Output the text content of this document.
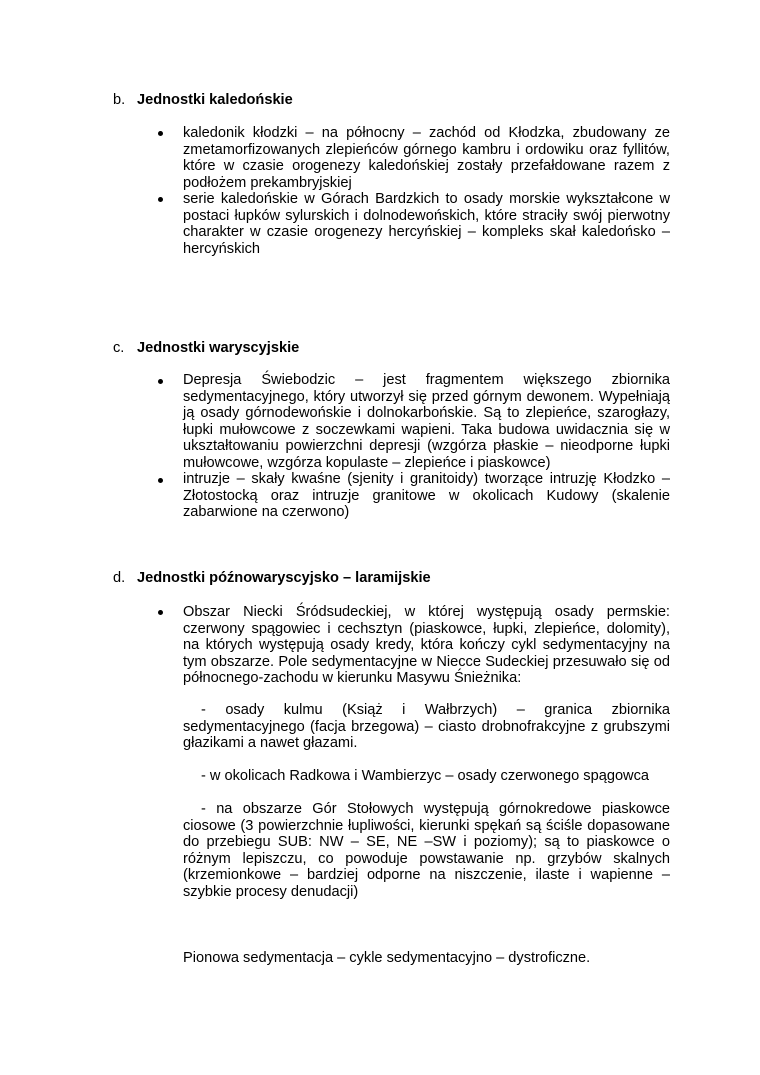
b. Jednostki kaledońskie
kaledonik kłodzki – na północny – zachód od Kłodzka, zbudowany ze zmetamorfizowanych zlepieńców górnego kambru i ordowiku oraz fyllitów, które w czasie orogenezy kaledońskiej zostały przefałdowane razem z podłożem prekambryjskiej
serie kaledońskie w Górach Bardzkich to osady morskie wykształcone w postaci łupków sylurskich i dolnodewońskich, które straciły swój pierwotny charakter w czasie orogenezy hercyńskiej – kompleks skał kaledońsko – hercyńskich
c. Jednostki waryscyjskie
Depresja Świebodzic – jest fragmentem większego zbiornika sedymentacyjnego, który utworzył się przed górnym dewonem. Wypełniają ją osady górnodewońskie i dolnokarbońskie. Są to zlepieńce, szarogłazy, łupki mułowcowe z soczewkami wapieni. Taka budowa uwidacznia się w ukształtowaniu powierzchni depresji (wzgórza płaskie – nieodporne łupki mułowcowe, wzgórza kopulaste – zlepieńce i piaskowce)
intruzje – skały kwaśne (sjenity i granitoidy) tworzące intruzję Kłodzko – Złotostocką oraz intruzje granitowe w okolicach Kudowy (skalenie zabarwione na czerwono)
d. Jednostki późnowaryscyjsko – laramijskie
Obszar Niecki Śródsudeckiej, w której występują osady permskie: czerwony spągowiec i cechsztyn (piaskowce, łupki, zlepieńce, dolomity), na których występują osady kredy, która kończy cykl sedymentacyjny na tym obszarze. Pole sedymentacyjne w Niecce Sudeckiej przesuwało się od północnego-zachodu w kierunku Masywu Śnieżnika:
- osady kulmu (Książ i Wałbrzych) – granica zbiornika sedymentacyjnego (facja brzegowa) – ciasto drobnofrakcyjne z grubszymi głazikami a nawet głazami.
- w okolicach Radkowa i Wambierzyc – osady czerwonego spągowca
- na obszarze Gór Stołowych występują górnokredowe piaskowce ciosowe (3 powierzchnie łupliwości, kierunki spękań są ściśle dopasowane do przebiegu SUB: NW – SE, NE –SW i poziomy); są to piaskowce o różnym lepiszczu, co powoduje powstawanie np. grzybów skalnych (krzemionkowe – bardziej odporne na niszczenie, ilaste i wapienne – szybkie procesy denudacji)
Pionowa sedymentacja – cykle sedymentacyjno – dystroficzne.
